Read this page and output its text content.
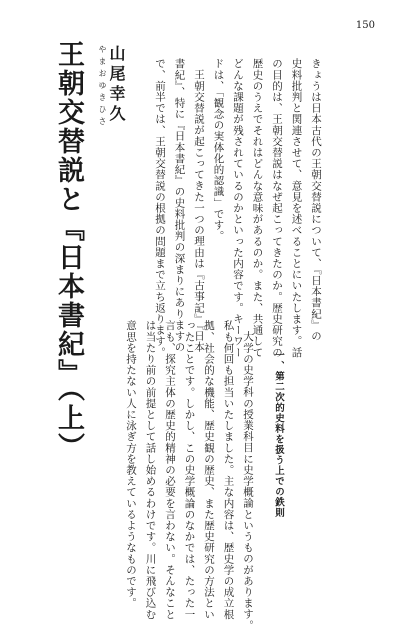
150
王朝交替説と『日本書紀』（上） 山尾幸久
やまおゆきひさ	きょうは日本古代の王朝交替説について、『日本書紀』の
史料批判と関連させて、意見を述べることにいたします。話
の目的は、王朝交替説はなぜ起こってきたのか。歴史研究の
歴史のうえでそれはどんな意味があるのか。また、共通して
どんな課題が残されているのかといった内容です。キーワー
ドは、「観念の実体化的認識」です。
王朝交替説が起こってきた一つの理由は『古事記』『日本
書紀』、特に『日本書紀』の史料批判の深まりにありますの
で、前半では、王朝交替説の根拠の問題まで立ち返ります。
一、第二次的史料を扱う上での鉄則
大学の史学科の授業科目に史学概論というものがあります。
私も何回も担当いたしました。主な内容は、歴史学の成立根
拠、社会的な機能、歴史観の歴史、また歴史研究の方法とい
ったことです。しかし、この史学概論のなかでは、たった一
言も、探究主体の歴史的精神の必要を言わない。そんなこと
は当たり前の前提として話し始めるわけです。川に飛び込む
意思を持たない人に泳ぎ方を教えているようなものです。
